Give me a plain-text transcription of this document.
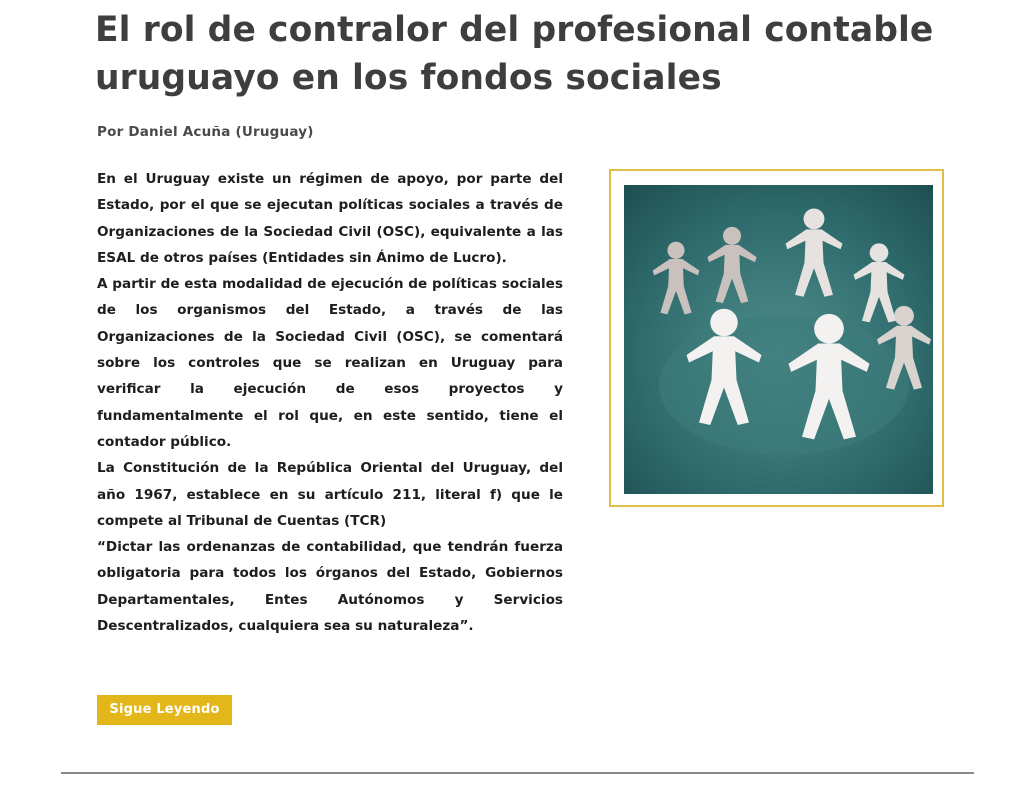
El rol de contralor del profesional contable uruguayo en los fondos sociales
Por Daniel Acuña (Uruguay)

En el Uruguay existe un régimen de apoyo, por parte del Estado, por el que se ejecutan políticas sociales a través de Organizaciones de la Sociedad Civil (OSC), equivalente a las ESAL de otros países (Entidades sin Ánimo de Lucro).

A partir de esta modalidad de ejecución de políticas sociales de los organismos del Estado, a través de las Organizaciones de la Sociedad Civil (OSC), se comentará sobre los controles que se realizan en Uruguay para verificar la ejecución de esos proyectos y fundamentalmente el rol que, en este sentido, tiene el contador público.

La Constitución de la República Oriental del Uruguay, del año 1967, establece en su artículo 211, literal f) que le compete al Tribunal de Cuentas (TCR)

“Dictar las ordenanzas de contabilidad, que tendrán fuerza obligatoria para todos los órganos del Estado, Gobiernos Departamentales, Entes Autónomos y Servicios Descentralizados, cualquiera sea su naturaleza”.

Sigue Leyendo
